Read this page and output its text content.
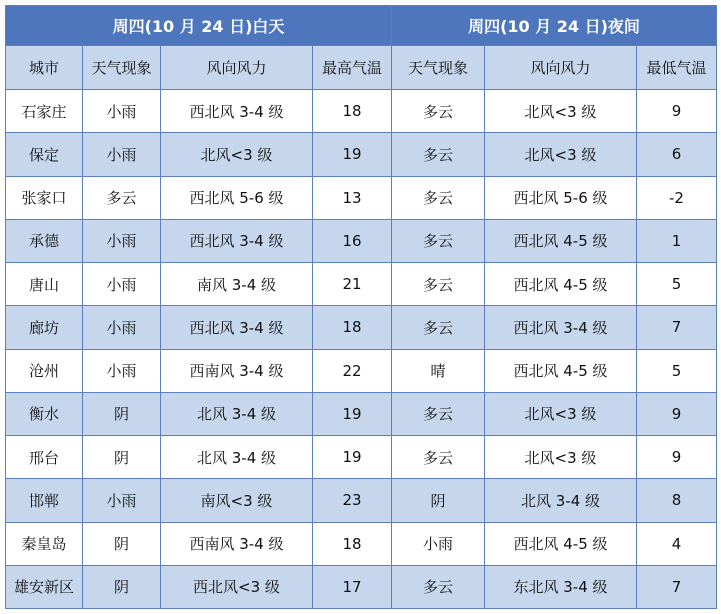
周四(10 月 24 日)白天				周四(10 月 24 日)夜间		
城市	天气现象	风向风力	最高气温	天气现象	风向风力	最低气温
石家庄	小雨	西北风 3-4 级	18	多云	北风<3 级	9
保定	小雨	北风<3 级	19	多云	北风<3 级	6
张家口	多云	西北风 5-6 级	13	多云	西北风 5-6 级	-2
承德	小雨	西北风 3-4 级	16	多云	西北风 4-5 级	1
唐山	小雨	南风 3-4 级	21	多云	西北风 4-5 级	5
廊坊	小雨	西北风 3-4 级	18	多云	西北风 3-4 级	7
沧州	小雨	西南风 3-4 级	22	晴	西北风 4-5 级	5
衡水	阴	北风 3-4 级	19	多云	北风<3 级	9
邢台	阴	北风 3-4 级	19	多云	北风<3 级	9
邯郸	小雨	南风<3 级	23	阴	北风 3-4 级	8
秦皇岛	阴	西南风 3-4 级	18	小雨	西北风 4-5 级	4
雄安新区	阴	西北风<3 级	17	多云	东北风 3-4 级	7
